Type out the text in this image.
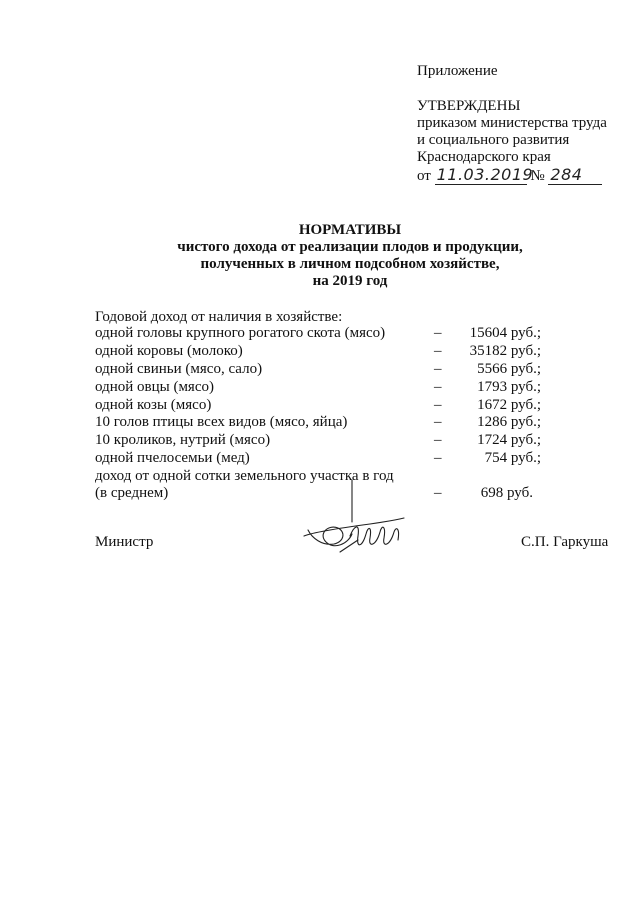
Приложение
УТВЕРЖДЕНЫ
приказом министерства труда
и социального развития
Краснодарского края
от 11.03.2019 № 284
НОРМАТИВЫ
чистого дохода от реализации плодов и продукции,
полученных в личном подсобном хозяйстве,
на 2019 год
Годовой доход от наличия в хозяйстве:
одной головы крупного рогатого скота (мясо)	– 15604 руб.;
одной коровы (молоко)	– 35182 руб.;
одной свиньи (мясо, сало)	– 5566 руб.;
одной овцы (мясо)	– 1793 руб.;
одной козы (мясо)	– 1672 руб.;
10 голов птицы всех видов (мясо, яйца)	– 1286 руб.;
10 кроликов, нутрий (мясо)	– 1724 руб.;
одной пчелосемьи (мед)	–	754 руб.;
доход от одной сотки земельного участка в год
(в среднем)	–	698 руб.
Министр	С.П. Гаркуша
